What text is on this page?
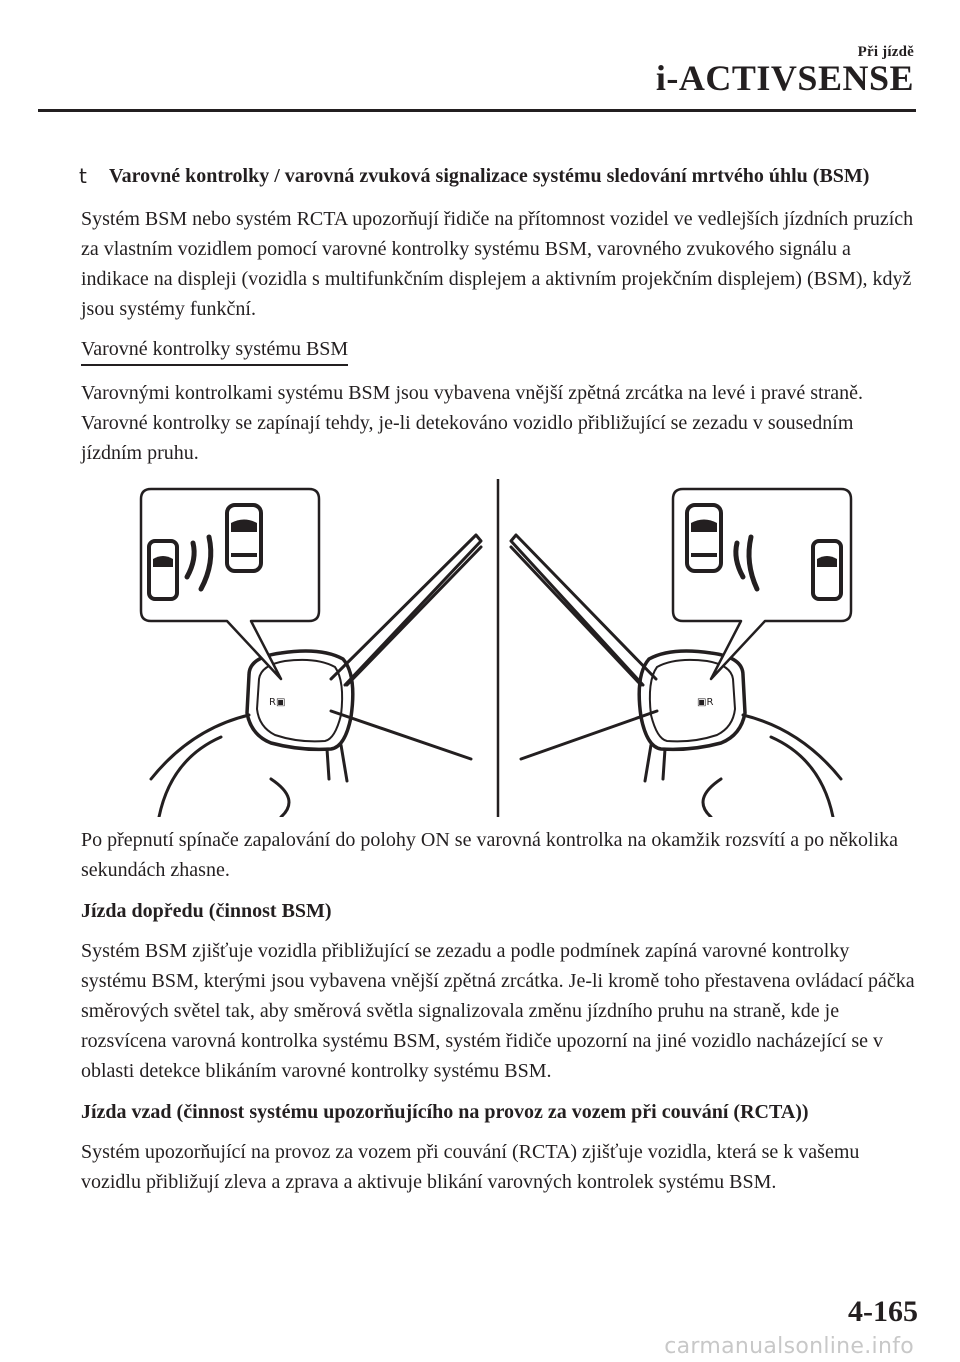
Při jízdě
i-ACTIVSENSE
t Varovné kontrolky / varovná zvuková signalizace systému sledování mrtvého úhlu (BSM)

Systém BSM nebo systém RCTA upozorňují řidiče na přítomnost vozidel ve vedlejších jízdních pruzích za vlastním vozidlem pomocí varovné kontrolky systému BSM, varovného zvukového signálu a indikace na displeji (vozidla s multifunkčním displejem a aktivním projekčním displejem) (BSM), když jsou systémy funkční.

Varovné kontrolky systému BSM

Varovnými kontrolkami systému BSM jsou vybavena vnější zpětná zrcátka na levé i pravé straně. Varovné kontrolky se zapínají tehdy, je-li detekováno vozidlo přibližující se zezadu v sousedním jízdním pruhu.

R▣	▣R

Po přepnutí spínače zapalování do polohy ON se varovná kontrolka na okamžik rozsvítí a po několika sekundách zhasne.

Jízda dopředu (činnost BSM)

Systém BSM zjišťuje vozidla přibližující se zezadu a podle podmínek zapíná varovné kontrolky systému BSM, kterými jsou vybavena vnější zpětná zrcátka. Je-li kromě toho přestavena ovládací páčka směrových světel tak, aby směrová světla signalizovala změnu jízdního pruhu na straně, kde je rozsvícena varovná kontrolka systému BSM, systém řidiče upozorní na jiné vozidlo nacházející se v oblasti detekce blikáním varovné kontrolky systému BSM.

Jízda vzad (činnost systému upozorňujícího na provoz za vozem při couvání (RCTA))

Systém upozorňující na provoz za vozem při couvání (RCTA) zjišťuje vozidla, která se k vašemu vozidlu přibližují zleva a zprava a aktivuje blikání varovných kontrolek systému BSM.

4-165
carmanualsonline.info
